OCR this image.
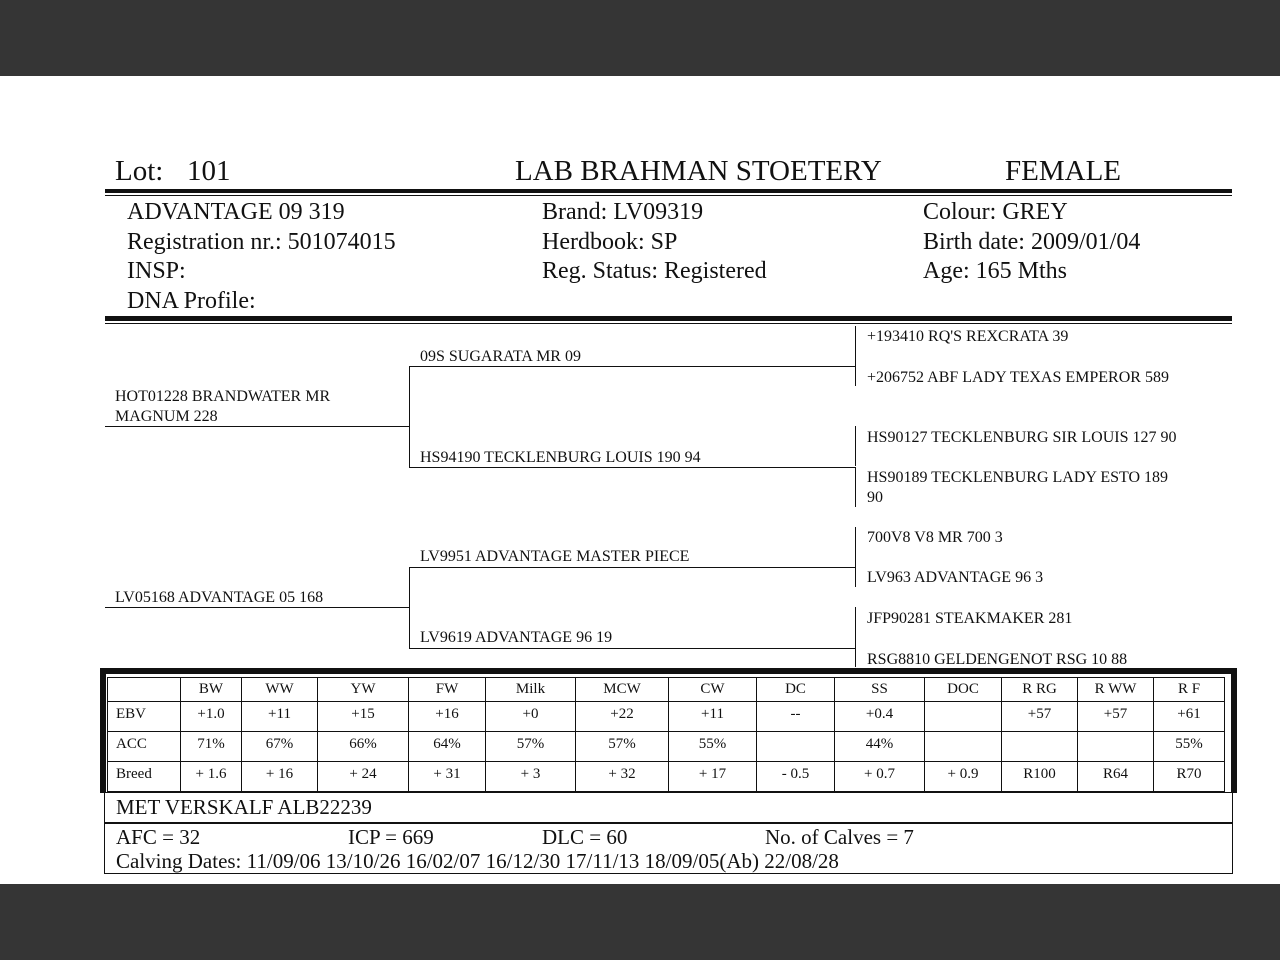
Lot: 101	LAB BRAHMAN STOETERY	FEMALE
ADVANTAGE 09 319
Registration nr.: 501074015
INSP:
DNA Profile:
Brand: LV09319
Herdbook: SP
Reg. Status: Registered
Colour: GREY
Birth date: 2009/01/04
Age: 165 Mths
HOT01228 BRANDWATER MR
MAGNUM 228
LV05168 ADVANTAGE 05 168
09S SUGARATA MR 09
HS94190 TECKLENBURG LOUIS 190 94
LV9951 ADVANTAGE MASTER PIECE
LV9619 ADVANTAGE 96 19
+193410 RQ'S REXCRATA 39
+206752 ABF LADY TEXAS EMPEROR 589
HS90127 TECKLENBURG SIR LOUIS 127 90
HS90189 TECKLENBURG LADY ESTO 189
90
700V8 V8 MR 700 3
LV963 ADVANTAGE 96 3
JFP90281 STEAKMAKER 281
RSG8810 GELDENGENOT RSG 10 88
	BW	WW	YW	FW	Milk	MCW	CW	DC	SS	DOC	R RG	R WW	R F
EBV	+1.0	+11	+15	+16	+0	+22	+11	--	+0.4		+57	+57	+61
ACC	71%	67%	66%	64%	57%	57%	55%		44%				55%
Breed	+ 1.6	+ 16	+ 24	+ 31	+ 3	+ 32	+ 17	- 0.5	+ 0.7	+ 0.9	R100	R64	R70
MET VERSKALF ALB22239
AFC = 32	ICP = 669	DLC = 60	No. of Calves = 7
Calving Dates: 11/09/06 13/10/26 16/02/07 16/12/30 17/11/13 18/09/05(Ab) 22/08/28
